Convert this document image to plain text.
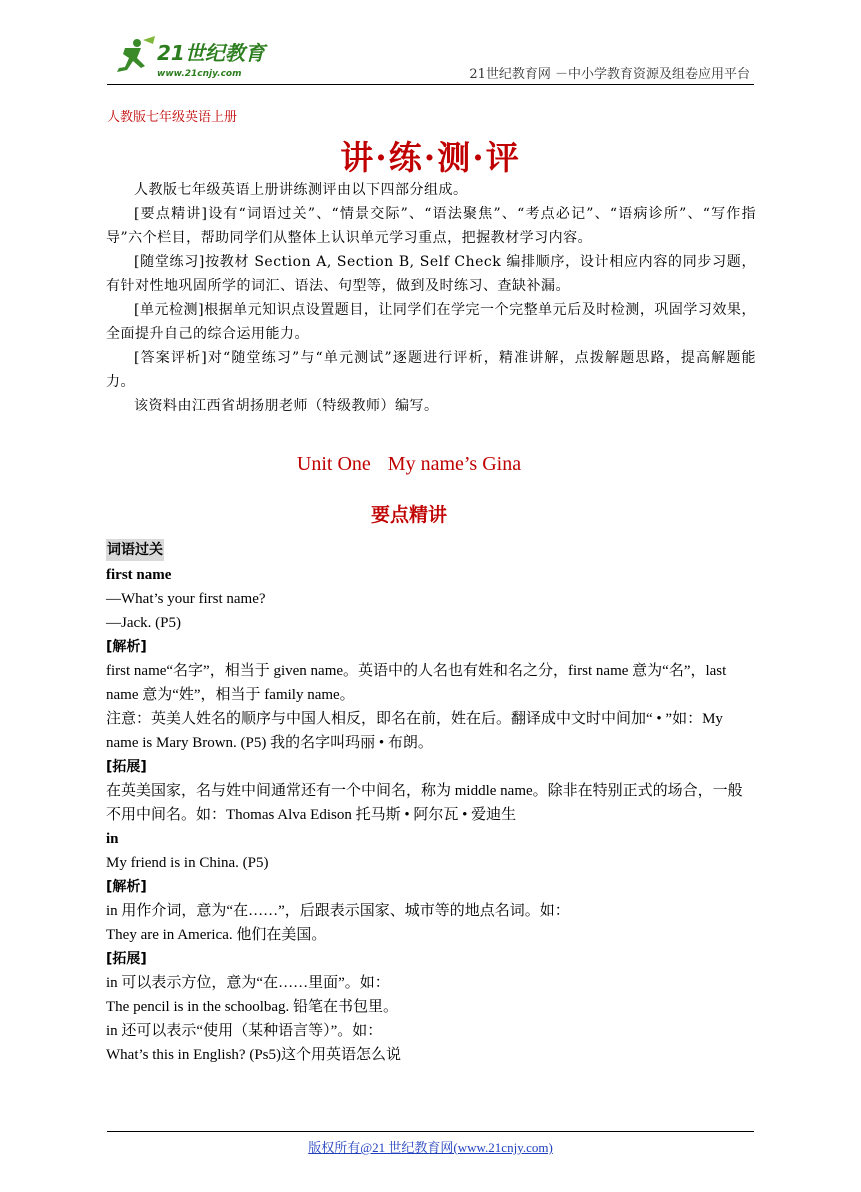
21世纪教育
www.21cnjy.com	21世纪教育网 －中小学教育资源及组卷应用平台
人教版七年级英语上册
讲·练·测·评

人教版七年级英语上册讲练测评由以下四部分组成。

[要点精讲]设有“词语过关”、“情景交际”、“语法聚焦”、“考点必记”、“语病诊所”、“写作指导”六个栏目，帮助同学们从整体上认识单元学习重点，把握教材学习内容。

[随堂练习]按教材 Section A, Section B, Self Check 编排顺序，设计相应内容的同步习题，有针对性地巩固所学的词汇、语法、句型等，做到及时练习、查缺补漏。

[单元检测]根据单元知识点设置题目，让同学们在学完一个完整单元后及时检测，巩固学习效果，全面提升自己的综合运用能力。

[答案评析]对“随堂练习”与“单元测试”逐题进行评析，精准讲解，点拨解题思路，提高解题能力。

该资料由江西省胡扬朋老师（特级教师）编写。

Unit One My name’s Gina
要点精讲
词语过关
first name
—What’s your first name?
—Jack. (P5)
[解析]
first name“名字”，相当于 given name。英语中的人名也有姓和名之分，first name 意为“名”，last name 意为“姓”，相当于 family name。
注意：英美人姓名的顺序与中国人相反，即名在前，姓在后。翻译成中文时中间加“ • ”如：My name is Mary Brown. (P5) 我的名字叫玛丽 • 布朗。
[拓展]
在英美国家，名与姓中间通常还有一个中间名，称为 middle name。除非在特别正式的场合，一般不用中间名。如：Thomas Alva Edison 托马斯 • 阿尔瓦 • 爱迪生
in
My friend is in China. (P5)
[解析]
in 用作介词，意为“在……”，后跟表示国家、城市等的地点名词。如：
They are in America. 他们在美国。
[拓展]
in 可以表示方位，意为“在……里面”。如：
The pencil is in the schoolbag. 铅笔在书包里。
in 还可以表示“使用（某种语言等）”。如：
What’s this in English? (Ps5)这个用英语怎么说
版权所有@21 世纪教育网(www.21cnjy.com)
